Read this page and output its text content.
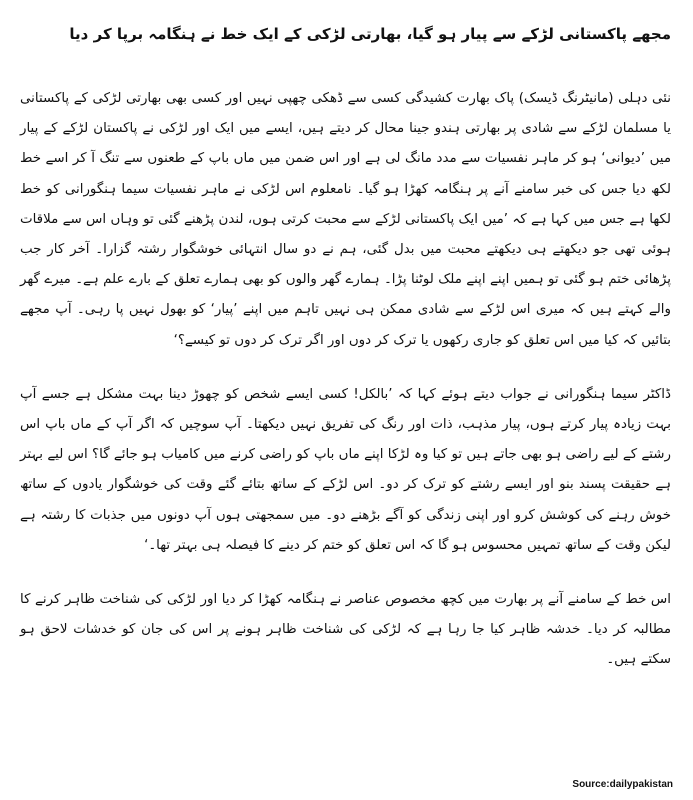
مجھے پاکستانی لڑکے سے پیار ہو گیا، بھارتی لڑکی کے ایک خط نے ہنگامہ برپا کر دیا

نئی دہلی (مانیٹرنگ ڈیسک) پاک بھارت کشیدگی کسی سے ڈھکی چھپی نہیں اور کسی بھی بھارتی لڑکی کے پاکستانی یا مسلمان لڑکے سے شادی پر بھارتی ہندو جینا محال کر دیتے ہیں، ایسے میں ایک اور لڑکی نے پاکستان لڑکے کے پیار میں ’دیوانی‘ ہو کر ماہر نفسیات سے مدد مانگ لی ہے اور اس ضمن میں ماں باپ کے طعنوں سے تنگ آ کر اسے خط لکھ دیا جس کی خبر سامنے آنے پر ہنگامہ کھڑا ہو گیا۔ نامعلوم اس لڑکی نے ماہر نفسیات سیما ہنگورانی کو خط لکھا ہے جس میں کہا ہے کہ ’میں ایک پاکستانی لڑکے سے محبت کرتی ہوں، لندن پڑھنے گئی تو وہاں اس سے ملاقات ہوئی تھی جو دیکھتے ہی دیکھتے محبت میں بدل گئی، ہم نے دو سال انتہائی خوشگوار رشتہ گزارا۔ آخر کار جب پڑھائی ختم ہو گئی تو ہمیں اپنے اپنے ملک لوٹنا پڑا۔ ہمارے گھر والوں کو بھی ہمارے تعلق کے بارے علم ہے۔ میرے گھر والے کہتے ہیں کہ میری اس لڑکے سے شادی ممکن ہی نہیں تاہم میں اپنے ’پیار‘ کو بھول نہیں پا رہی۔ آپ مجھے بتائیں کہ کیا میں اس تعلق کو جاری رکھوں یا ترک کر دوں اور اگر ترک کر دوں تو کیسے؟‘

ڈاکٹر سیما ہنگورانی نے جواب دیتے ہوئے کہا کہ ’بالکل! کسی ایسے شخص کو چھوڑ دینا بہت مشکل ہے جسے آپ بہت زیادہ پیار کرتے ہوں، پیار مذہب، ذات اور رنگ کی تفریق نہیں دیکھتا۔ آپ سوچیں کہ اگر آپ کے ماں باپ اس رشتے کے لیے راضی ہو بھی جاتے ہیں تو کیا وہ لڑکا اپنے ماں باپ کو راضی کرنے میں کامیاب ہو جائے گا؟ اس لیے بہتر ہے حقیقت پسند بنو اور ایسے رشتے کو ترک کر دو۔ اس لڑکے کے ساتھ بتائے گئے وقت کی خوشگوار یادوں کے ساتھ خوش رہنے کی کوشش کرو اور اپنی زندگی کو آگے بڑھنے دو۔ میں سمجھتی ہوں آپ دونوں میں جذبات کا رشتہ ہے لیکن وقت کے ساتھ تمہیں محسوس ہو گا کہ اس تعلق کو ختم کر دینے کا فیصلہ ہی بہتر تھا۔‘

اس خط کے سامنے آنے پر بھارت میں کچھ مخصوص عناصر نے ہنگامہ کھڑا کر دیا اور لڑکی کی شناخت ظاہر کرنے کا مطالبہ کر دیا۔ خدشہ ظاہر کیا جا رہا ہے کہ لڑکی کی شناخت ظاہر ہونے پر اس کی جان کو خدشات لاحق ہو سکتے ہیں۔

Source:dailypakistan
